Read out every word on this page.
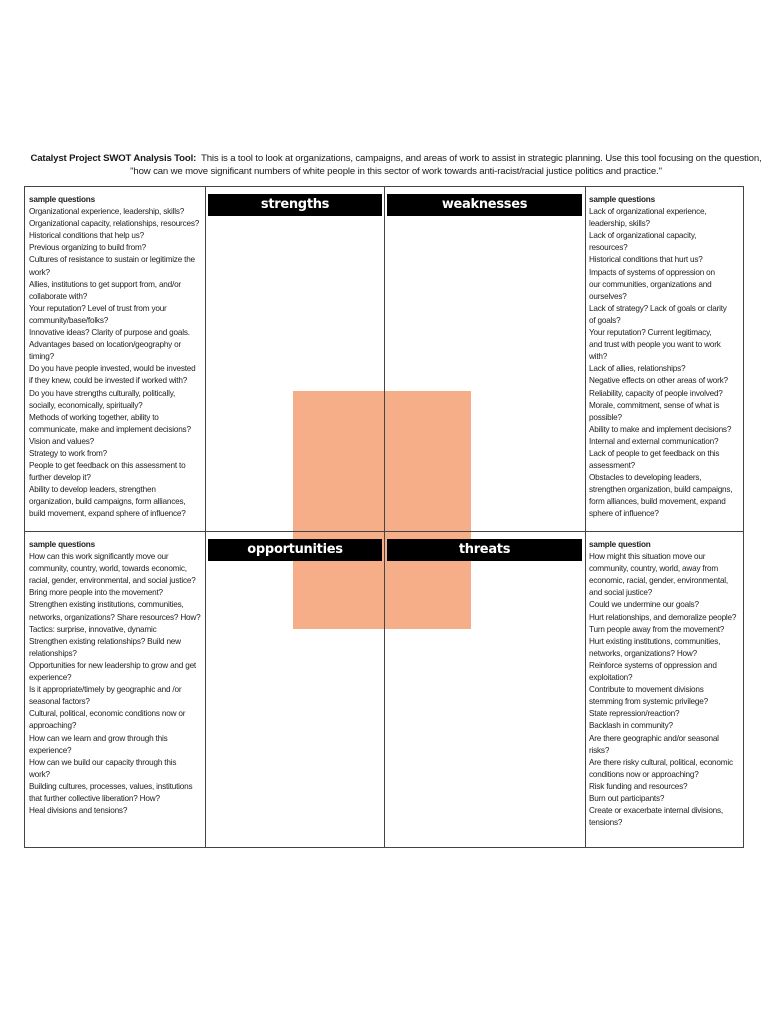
Catalyst Project SWOT Analysis Tool: This is a tool to look at organizations, campaigns, and areas of work to assist in strategic planning. Use this tool focusing on the question,
"how can we move significant numbers of white people in this sector of work towards anti-racist/racial justice politics and practice."
strengths	weaknesses
opportunities	threats
sample questions
Organizational experience, leadership, skills?
Organizational capacity, relationships, resources?
Historical conditions that help us?
Previous organizing to build from?
Cultures of resistance to sustain or legitimize the
work?
Allies, institutions to get support from, and/or
collaborate with?
Your reputation? Level of trust from your
community/base/folks?
Innovative ideas? Clarity of purpose and goals.
Advantages based on location/geography or
timing?
Do you have people invested, would be invested
if they knew, could be invested if worked with?
Do you have strengths culturally, politically,
socially, economically, spiritually?
Methods of working together, ability to
communicate, make and implement decisions?
Vision and values?
Strategy to work from?
People to get feedback on this assessment to
further develop it?
Ability to develop leaders, strengthen
organization, build campaigns, form alliances,
build movement, expand sphere of influence?
sample questions
Lack of organizational experience,
leadership, skills?
Lack of organizational capacity,
resources?
Historical conditions that hurt us?
Impacts of systems of oppression on
our communities, organizations and
ourselves?
Lack of strategy? Lack of goals or clarity
of goals?
Your reputation? Current legitimacy,
and trust with people you want to work
with?
Lack of allies, relationships?
Negative effects on other areas of work?
Reliability, capacity of people involved?
Morale, commitment, sense of what is
possible?
Ability to make and implement decisions?
Internal and external communication?
Lack of people to get feedback on this
assessment?
Obstacles to developing leaders,
strengthen organization, build campaigns,
form alliances, build movement, expand
sphere of influence?
sample questions
How can this work significantly move our
community, country, world, towards economic,
racial, gender, environmental, and social justice?
Bring more people into the movement?
Strengthen existing institutions, communities,
networks, organizations? Share resources? How?
Tactics: surprise, innovative, dynamic
Strengthen existing relationships? Build new
relationships?
Opportunities for new leadership to grow and get
experience?
Is it appropriate/timely by geographic and /or
seasonal factors?
Cultural, political, economic conditions now or
approaching?
How can we learn and grow through this
experience?
How can we build our capacity through this
work?
Building cultures, processes, values, institutions
that further collective liberation? How?
Heal divisions and tensions?
sample question
How might this situation move our
community, country, world, away from
economic, racial, gender, environmental,
and social justice?
Could we undermine our goals?
Hurt relationships, and demoralize people?
Turn people away from the movement?
Hurt existing institutions, communities,
networks, organizations? How?
Reinforce systems of oppression and
exploitation?
Contribute to movement divisions
stemming from systemic privilege?
State repression/reaction?
Backlash in community?
Are there geographic and/or seasonal
risks?
Are there risky cultural, political, economic
conditions now or approaching?
Risk funding and resources?
Burn out participants?
Create or exacerbate internal divisions,
tensions?
